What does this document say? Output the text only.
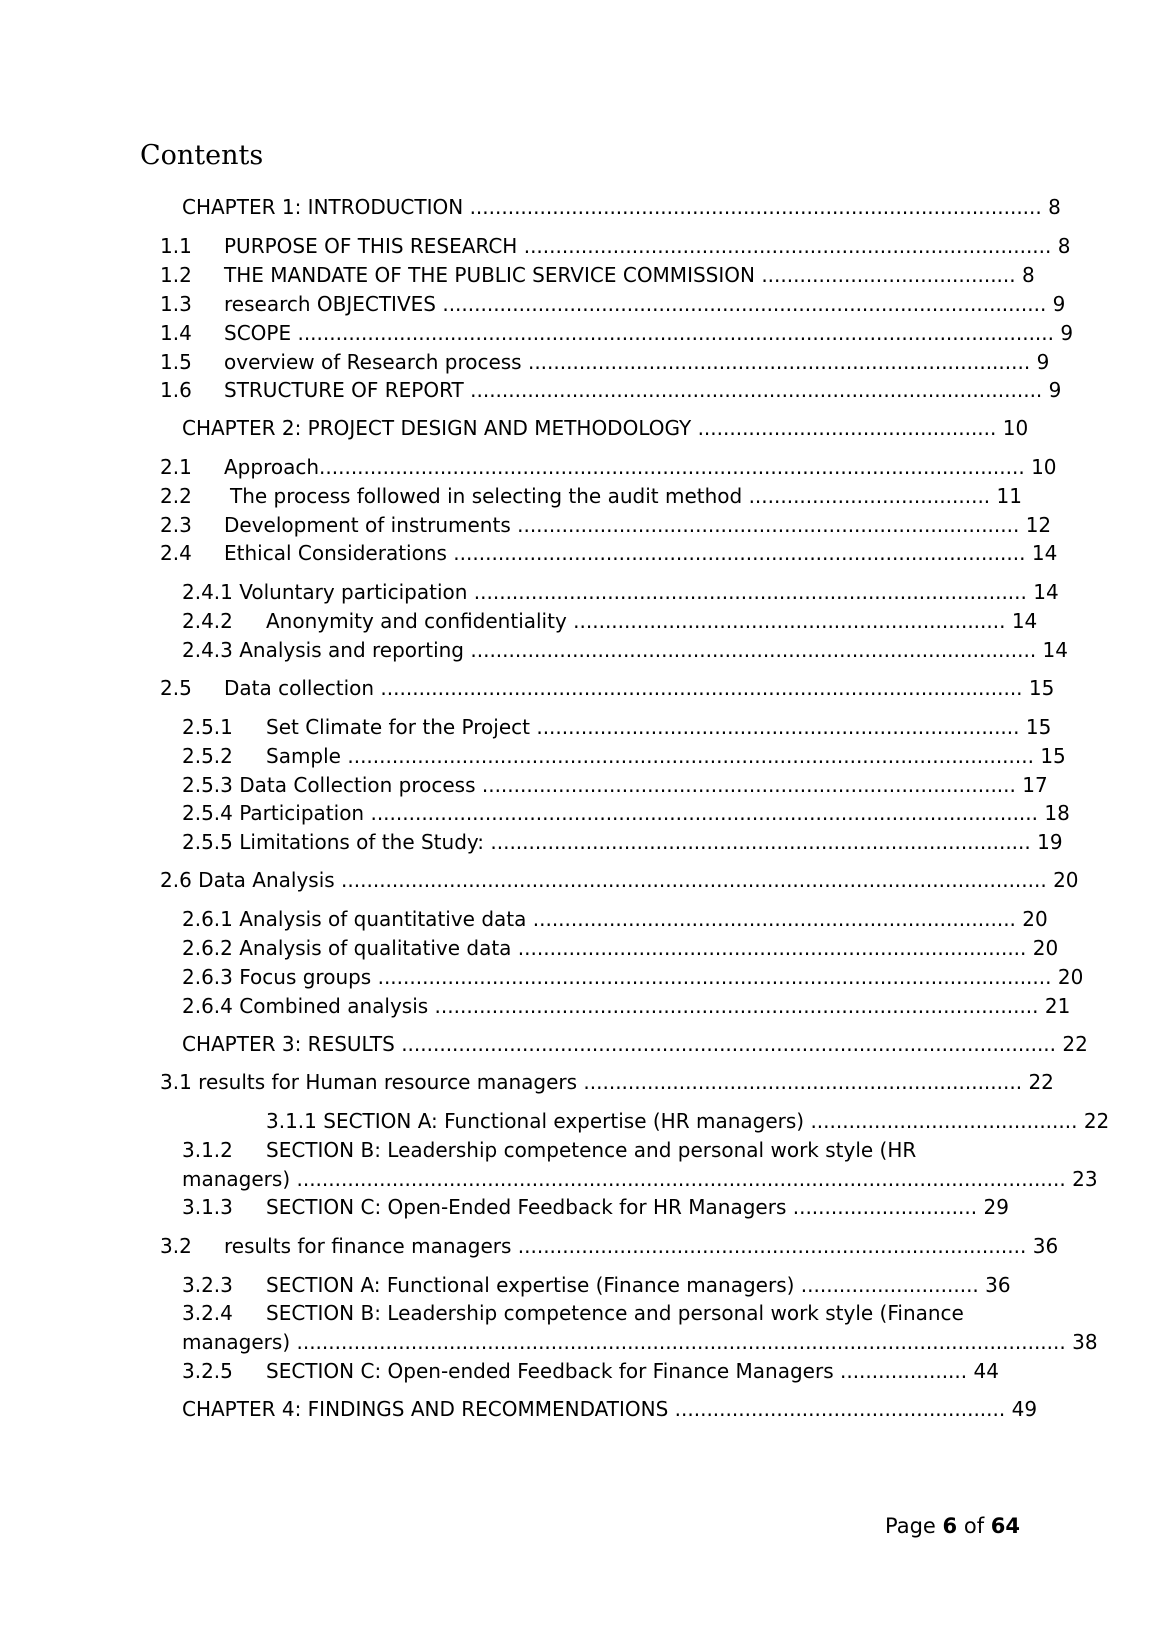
Contents
CHAPTER 1: INTRODUCTION .......................................................................................... 8
1.1 PURPOSE OF THIS RESEARCH ................................................................................... 8
1.2 THE MANDATE OF THE PUBLIC SERVICE COMMISSION ........................................ 8
1.3 research OBJECTIVES ............................................................................................... 9
1.4 SCOPE ....................................................................................................................... 9
1.5 overview of Research process ............................................................................... 9
1.6 STRUCTURE OF REPORT .......................................................................................... 9
CHAPTER 2: PROJECT DESIGN AND METHODOLOGY ............................................... 10
2.1 Approach............................................................................................................... 10
2.2 The process followed in selecting the audit method ...................................... 11
2.3 Development of instruments ............................................................................... 12
2.4 Ethical Considerations .......................................................................................... 14
2.4.1 Voluntary participation ....................................................................................... 14
2.4.2 Anonymity and confidentiality .................................................................... 14
2.4.3 Analysis and reporting ......................................................................................... 14
2.5 Data collection ..................................................................................................... 15
2.5.1 Set Climate for the Project ............................................................................ 15
2.5.2 Sample ............................................................................................................ 15
2.5.3 Data Collection process .................................................................................... 17
2.5.4 Participation ......................................................................................................... 18
2.5.5 Limitations of the Study: ..................................................................................... 19
2.6 Data Analysis ............................................................................................................... 20
2.6.1 Analysis of quantitative data ............................................................................ 20
2.6.2 Analysis of qualitative data ................................................................................ 20
2.6.3 Focus groups .......................................................................................................... 20
2.6.4 Combined analysis ............................................................................................... 21
CHAPTER 3: RESULTS ....................................................................................................... 22
3.1 results for Human resource managers ..................................................................... 22
3.1.1 SECTION A: Functional expertise (HR managers) .......................................... 22
3.1.2 SECTION B: Leadership competence and personal work style (HR
managers) ......................................................................................................................... 23
3.1.3 SECTION C: Open-Ended Feedback for HR Managers ............................. 29
3.2 results for finance managers ................................................................................ 36
3.2.3 SECTION A: Functional expertise (Finance managers) ............................ 36
3.2.4 SECTION B: Leadership competence and personal work style (Finance
managers) ......................................................................................................................... 38
3.2.5 SECTION C: Open-ended Feedback for Finance Managers .................... 44
CHAPTER 4: FINDINGS AND RECOMMENDATIONS .................................................... 49
Page 6 of 64
